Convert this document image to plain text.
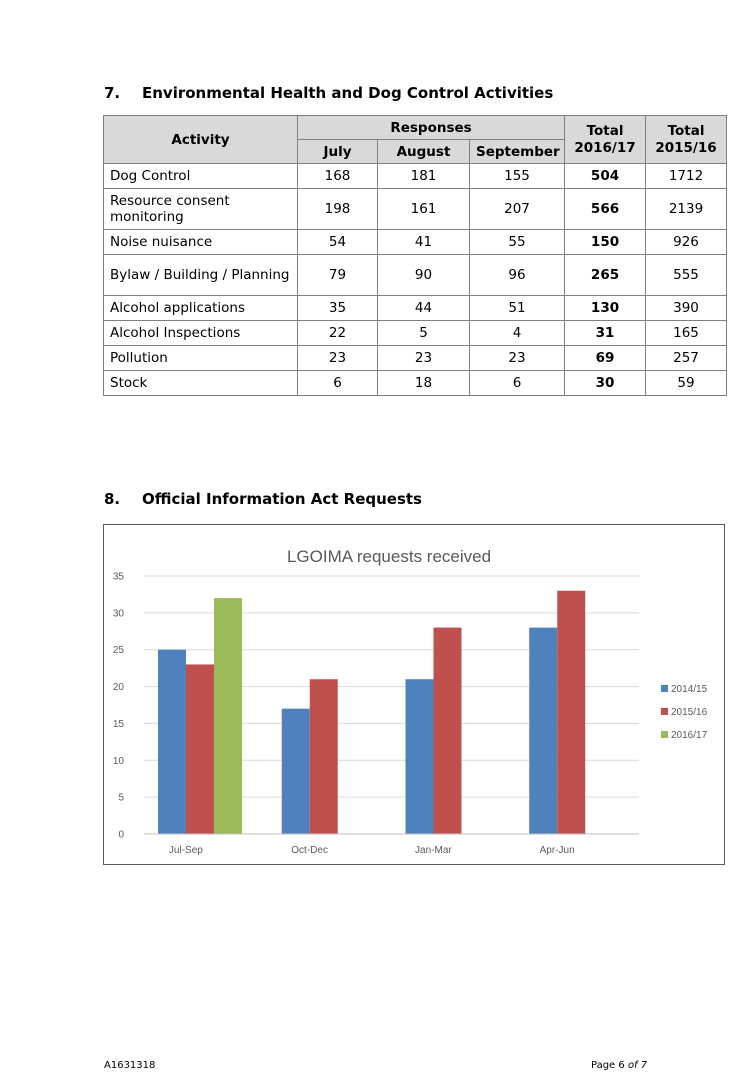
7. Environmental Health and Dog Control Activities
Activity	Responses			Total 2016/17	Total 2015/16
	July	August	September		
Dog Control	168	181	155	504	1712
Resource consent monitoring	198	161	207	566	2139
Noise nuisance	54	41	55	150	926
Bylaw / Building / Planning	79	90	96	265	555
Alcohol applications	35	44	51	130	390
Alcohol Inspections	22	5	4	31	165
Pollution	23	23	23	69	257
Stock	6	18	6	30	59
8. Official Information Act Requests
LGOIMA requests received
0
5
10
15
20
25
30
35
Jul-Sep	Oct-Dec	Jan-Mar	Apr-Jun
2014/15
2015/16
2016/17

A1631318	Page 6 of 7
